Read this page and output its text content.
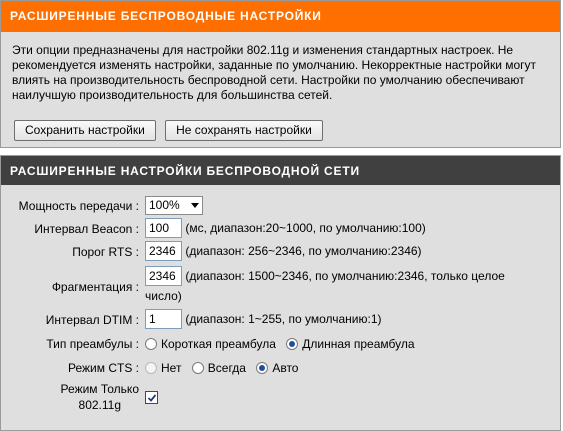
РАСШИРЕННЫЕ БЕСПРОВОДНЫЕ НАСТРОЙКИ
Эти опции предназначены для настройки 802.11g и изменения стандартных настроек. Не рекомендуется изменять настройки, заданные по умолчанию. Некорректные настройки могут влиять на производительность беспроводной сети. Настройки по умолчанию обеспечивают наилучшую производительность для большинства сетей.
Сохранить настройки	Не сохранять настройки
РАСШИРЕННЫЕ НАСТРОЙКИ БЕСПРОВОДНОЙ СЕТИ
Мощность передачи : 100%
Интервал Beacon : 100 (мс, диапазон:20~1000, по умолчанию:100)
Порог RTS : 2346 (диапазон: 256~2346, по умолчанию:2346)
Фрагментация :
2346 (диапазон: 1500~2346, по умолчанию:2346, только целое
число)
Интервал DTIM : 1 (диапазон: 1~255, по умолчанию:1)
Тип преамбулы :	Короткая преамбула Длинная преамбула
Режим CTS :	Нет Всегда Авто
Режим Только
802.11g
